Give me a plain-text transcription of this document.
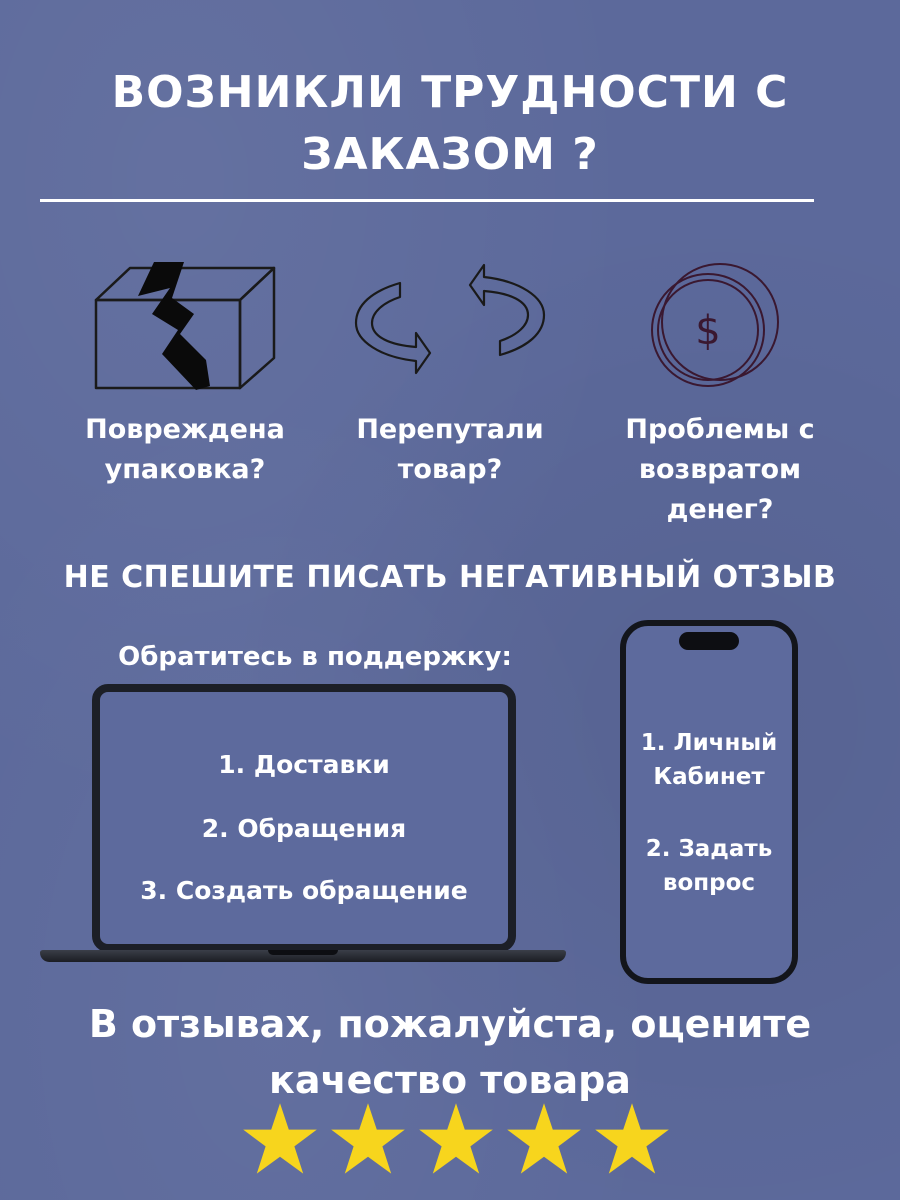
ВОЗНИКЛИ ТРУДНОСТИ С
ЗАКАЗОМ ?
$
Повреждена
упаковка?
Перепутали
товар?
Проблемы с
возвратом
денег?
НЕ СПЕШИТЕ ПИСАТЬ НЕГАТИВНЫЙ ОТЗЫВ
Обратитесь в поддержку:
1. Доставки
2. Обращения
3. Создать обращение
1. Личный
Кабинет
2. Задать
вопрос
В отзывах, пожалуйста, оцените
качество товара
